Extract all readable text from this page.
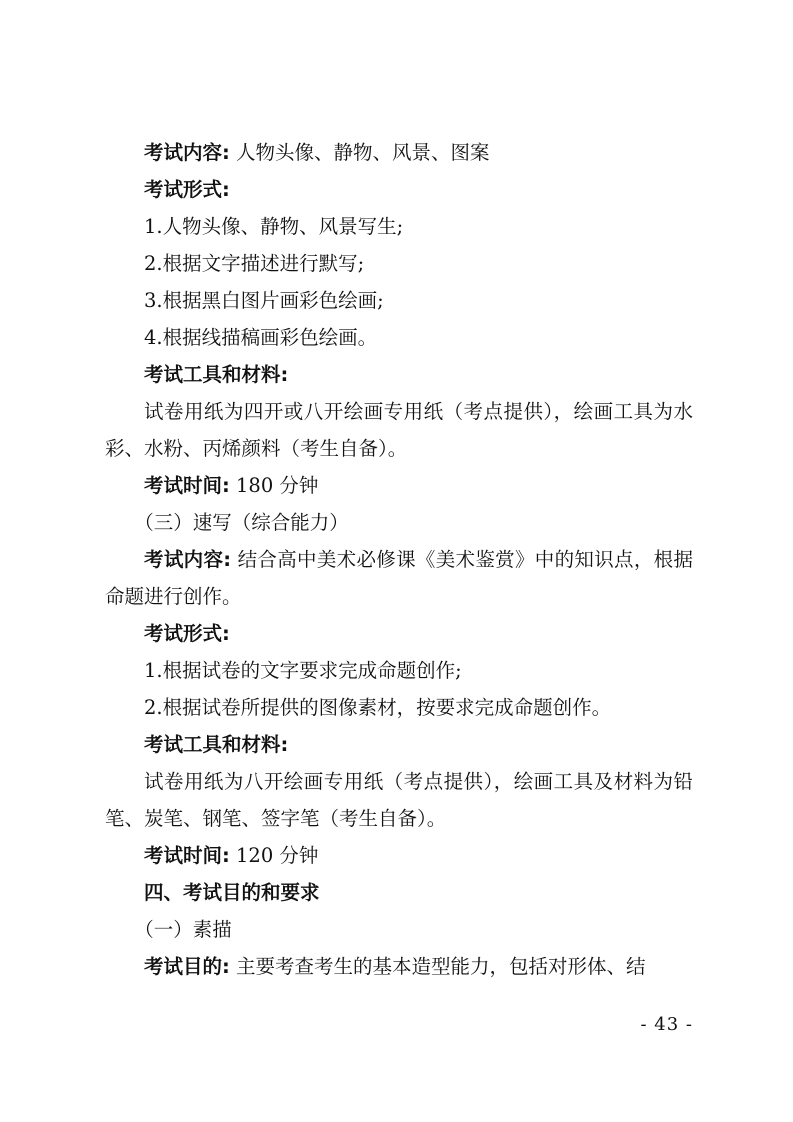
考试内容: 人物头像、静物、风景、图案

考试形式:

1.人物头像、静物、风景写生;

2.根据文字描述进行默写;

3.根据黑白图片画彩色绘画;

4.根据线描稿画彩色绘画。

考试工具和材料:

试卷用纸为四开或八开绘画专用纸（考点提供），绘画工具为水彩、水粉、丙烯颜料（考生自备）。

考试时间: 180 分钟

（三）速写（综合能力）

考试内容: 结合高中美术必修课《美术鉴赏》中的知识点，根据命题进行创作。

考试形式:

1.根据试卷的文字要求完成命题创作;

2.根据试卷所提供的图像素材，按要求完成命题创作。

考试工具和材料:

试卷用纸为八开绘画专用纸（考点提供），绘画工具及材料为铅笔、炭笔、钢笔、签字笔（考生自备）。

考试时间: 120 分钟

四、考试目的和要求

（一）素描

考试目的: 主要考查考生的基本造型能力，包括对形体、结

- 43 -
